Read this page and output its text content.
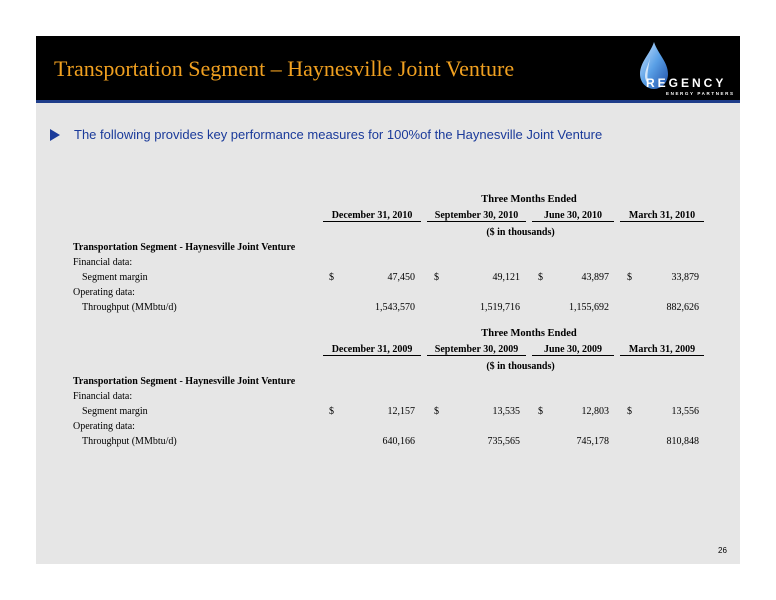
Transportation Segment – Haynesville Joint Venture
REGENCY
ENERGY PARTNERS
The following provides key performance measures for 100%of the Haynesville Joint Venture
Three Months Ended
December 31, 2010	September 30, 2010	June 30, 2010	March 31, 2010
($ in thousands)
Transportation Segment - Haynesville Joint Venture
Financial data:
Segment margin	$	47,450 $	49,121 $	43,897 $	33,879
Operating data:
Throughput (MMbtu/d)	1,543,570	1,519,716	1,155,692	882,626
Three Months Ended
December 31, 2009	September 30, 2009	June 30, 2009	March 31, 2009
($ in thousands)
Transportation Segment - Haynesville Joint Venture
Financial data:
Segment margin	$	12,157 $	13,535 $	12,803 $	13,556
Operating data:
Throughput (MMbtu/d)	640,166	735,565	745,178	810,848
26
